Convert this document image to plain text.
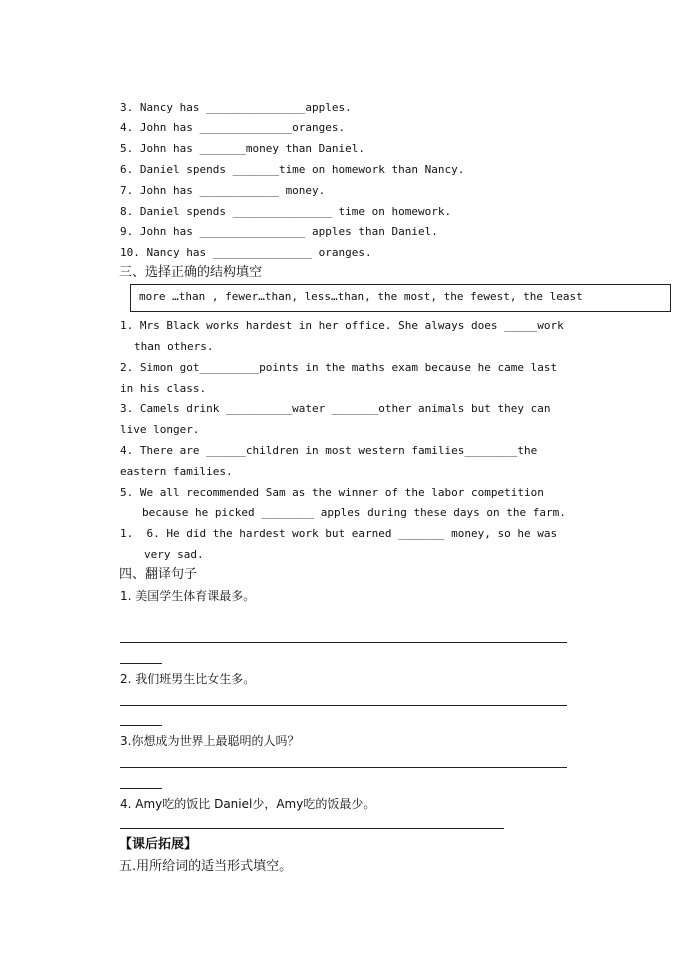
3. Nancy has _______________apples.
4. John has ______________oranges.
5. John has _______money than Daniel.
6. Daniel spends _______time on homework than Nancy.
7. John has ____________ money.
8. Daniel spends _______________ time on homework.
9. John has ________________ apples than Daniel.
10. Nancy has _______________ oranges.
三、选择正确的结构填空
more …than , fewer…than, less…than, the most, the fewest, the least
1. Mrs Black works hardest in her office. She always does _____work
than others.
2. Simon got_________points in the maths exam because he came last
in his class.
3. Camels drink __________water _______other animals but they can
live longer.
4. There are ______children in most western families________the
eastern families.
5. We all recommended Sam as the winner of the labor competition
because he picked ________ apples during these days on the farm.
1.  6. He did the hardest work but earned _______ money, so he was
very sad.
四、翻译句子
1. 美国学生体育课最多。
2. 我们班男生比女生多。
3.你想成为世界上最聪明的人吗？
4. Amy吃的饭比 Daniel少，Amy吃的饭最少。
【课后拓展】
五.用所给词的适当形式填空。
